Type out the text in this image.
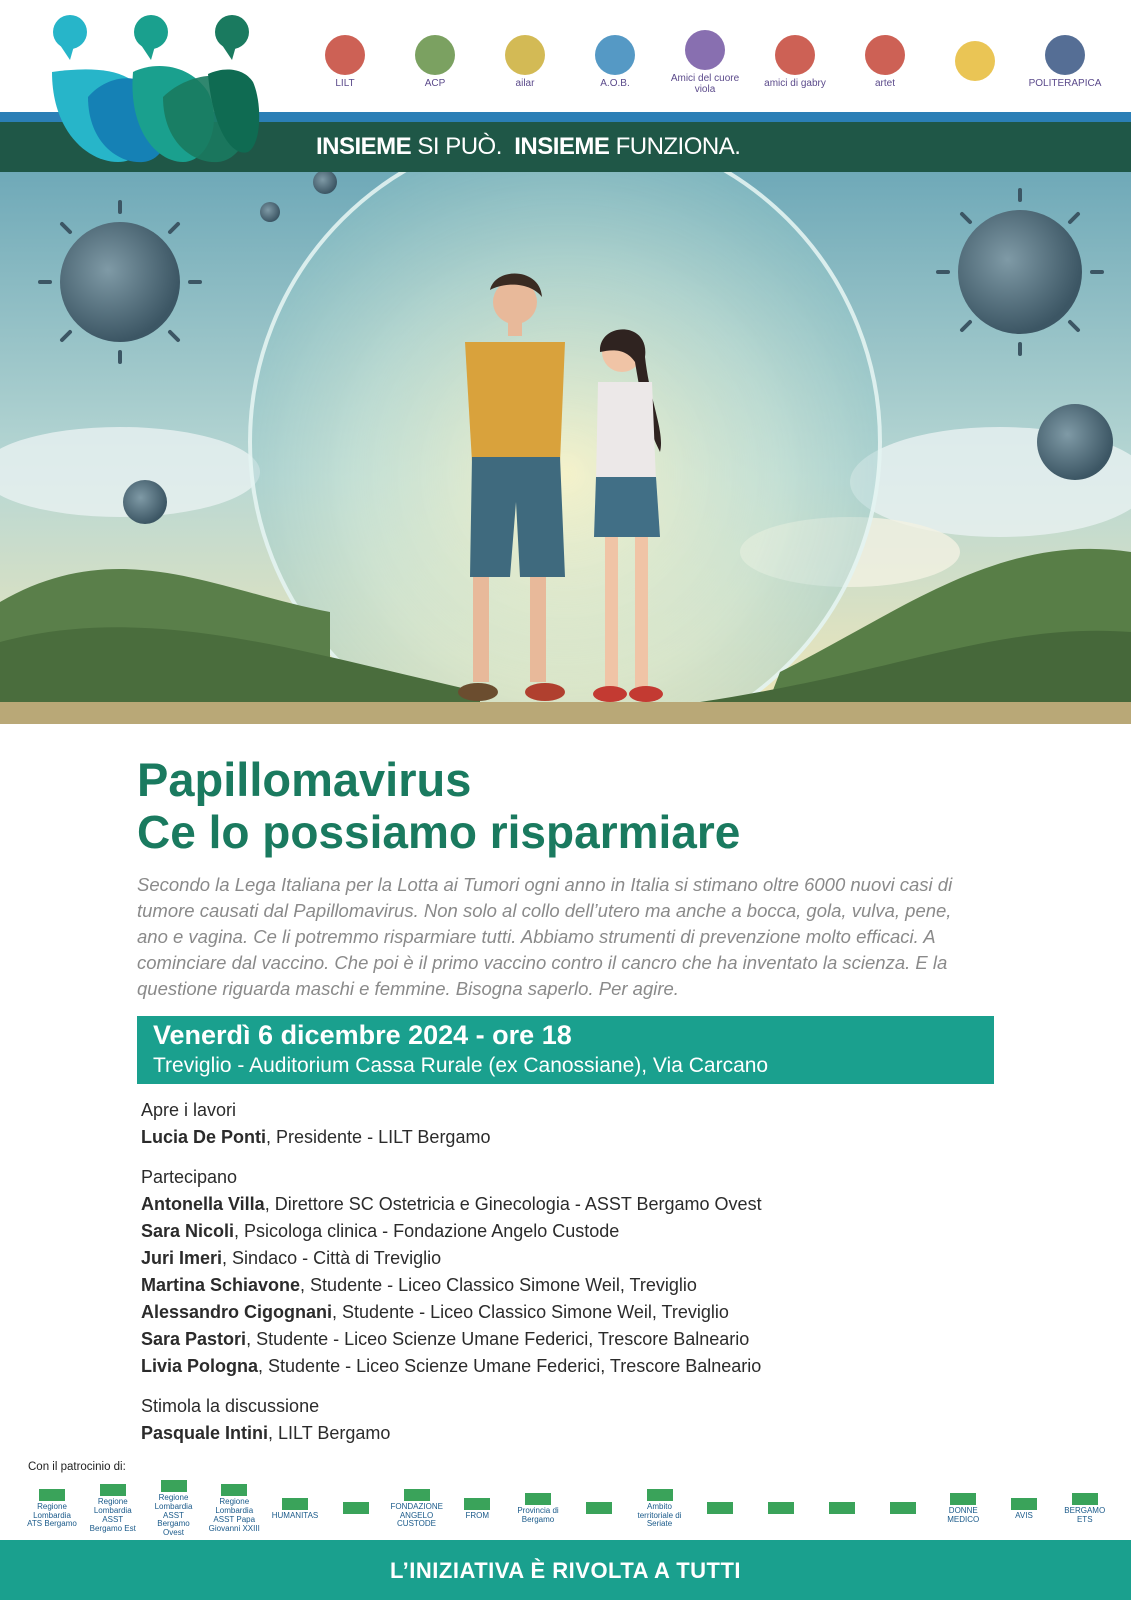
LILT	ACP	ailar	A.O.B.	Amici del cuore viola	amici di gabry	artet	POLITERAPICA
INSIEME SI PUÒ. INSIEME FUNZIONA.
Papillomavirus
Ce lo possiamo risparmiare

Secondo la Lega Italiana per la Lotta ai Tumori ogni anno in Italia si stimano oltre 6000 nuovi casi di tumore causati dal Papillomavirus. Non solo al collo dell’utero ma anche a bocca, gola, vulva, pene, ano e vagina. Ce li potremmo risparmiare tutti. Abbiamo strumenti di prevenzione molto efficaci. A cominciare dal vaccino. Che poi è il primo vaccino contro il cancro che ha inventato la scienza. E la questione riguarda maschi e femmine. Bisogna saperlo. Per agire.

Venerdì 6 dicembre 2024 - ore 18
Treviglio - Auditorium Cassa Rurale (ex Canossiane), Via Carcano

Apre i lavori

Lucia De Ponti, Presidente - LILT Bergamo

Partecipano

Antonella Villa, Direttore SC Ostetricia e Ginecologia - ASST Bergamo Ovest

Sara Nicoli, Psicologa clinica - Fondazione Angelo Custode

Juri Imeri, Sindaco - Città di Treviglio

Martina Schiavone, Studente - Liceo Classico Simone Weil, Treviglio

Alessandro Cigognani, Studente - Liceo Classico Simone Weil, Treviglio

Sara Pastori, Studente - Liceo Scienze Umane Federici, Trescore Balneario

Livia Pologna, Studente - Liceo Scienze Umane Federici, Trescore Balneario

Stimola la discussione

Pasquale Intini, LILT Bergamo

Con il patrocinio di:
Regione Lombardia ATS Bergamo
Regione Lombardia ASST Bergamo Est
Regione Lombardia ASST Bergamo Ovest
Regione Lombardia ASST Papa Giovanni XXIII
HUMANITAS
FONDAZIONE ANGELO CUSTODE
FROM	Provincia di Bergamo
Ambito territoriale di Seriate
DONNE MEDICO	AVIS	BERGAMO ETS
L’INIZIATIVA È RIVOLTA A TUTTI
